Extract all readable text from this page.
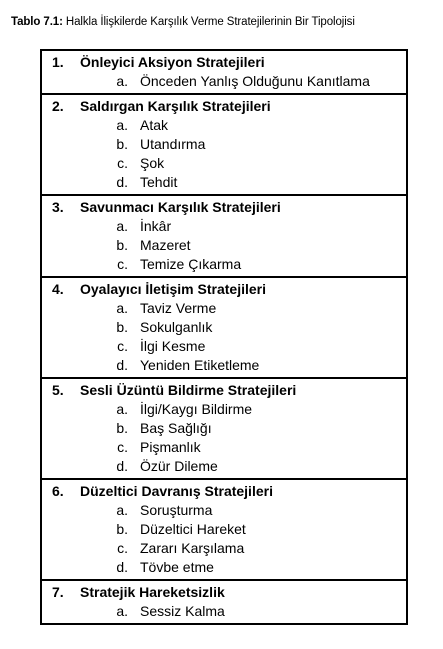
Tablo 7.1: Halkla İlişkilerde Karşılık Verme Stratejilerinin Bir Tipolojisi
1.	Önleyici Aksiyon Stratejileri
a. Önceden Yanlış Olduğunu Kanıtlama
2.	Saldırgan Karşılık Stratejileri
a. Atak
b. Utandırma
c. Şok
d. Tehdit
3.	Savunmacı Karşılık Stratejileri
a. İnkâr
b. Mazeret
c. Temize Çıkarma
4.	Oyalayıcı İletişim Stratejileri
a. Taviz Verme
b. Sokulganlık
c. İlgi Kesme
d. Yeniden Etiketleme
5.	Sesli Üzüntü Bildirme Stratejileri
a. İlgi/Kaygı Bildirme
b. Baş Sağlığı
c. Pişmanlık
d. Özür Dileme
6.	Düzeltici Davranış Stratejileri
a. Soruşturma
b. Düzeltici Hareket
c. Zararı Karşılama
d. Tövbe etme
7.	Stratejik Hareketsizlik
a. Sessiz Kalma
